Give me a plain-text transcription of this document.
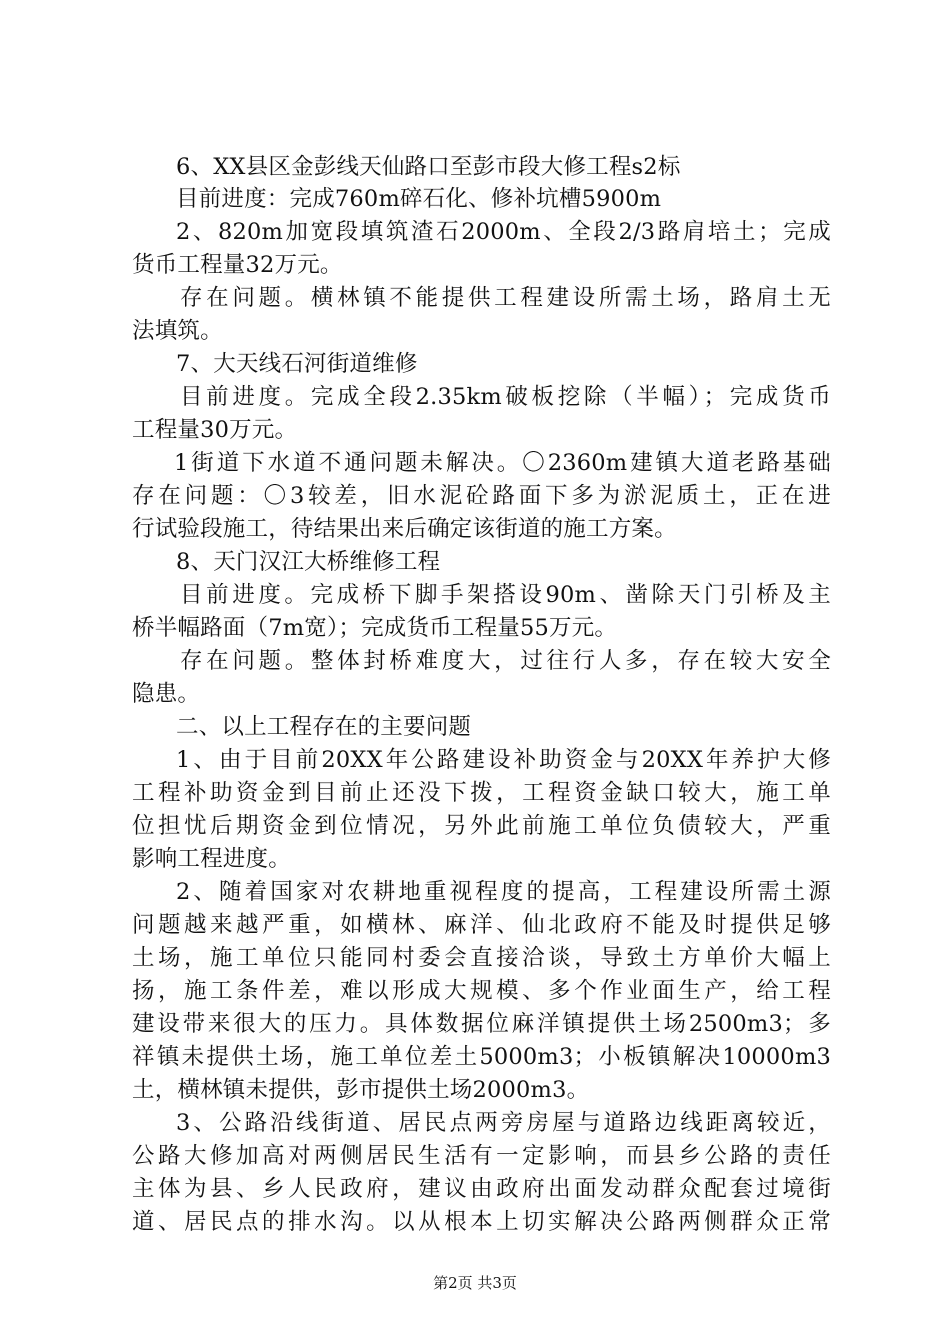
6、XX县区金彭线天仙路口至彭市段大修工程s2标
目前进度：完成760m碎石化、修补坑槽5900m
2、820m加宽段填筑渣石2000m、全段2/3路肩培土；完成
货币工程量32万元。
存在问题。横林镇不能提供工程建设所需土场，路肩土无
法填筑。
7、大天线石河街道维修
目前进度。完成全段2.35km破板挖除（半幅）；完成货币
工程量30万元。
1街道下水道不通问题未解决。〇2360m建镇大道老路基础
存在问题：〇3较差，旧水泥砼路面下多为淤泥质土，正在进
行试验段施工，待结果出来后确定该街道的施工方案。
8、天门汉江大桥维修工程
目前进度。完成桥下脚手架搭设90m、凿除天门引桥及主
桥半幅路面（7m宽）；完成货币工程量55万元。
存在问题。整体封桥难度大，过往行人多，存在较大安全
隐患。
二、以上工程存在的主要问题
1、由于目前20XX年公路建设补助资金与20XX年养护大修
工程补助资金到目前止还没下拨，工程资金缺口较大，施工单
位担忧后期资金到位情况，另外此前施工单位负债较大，严重
影响工程进度。
2、随着国家对农耕地重视程度的提高，工程建设所需土源
问题越来越严重，如横林、麻洋、仙北政府不能及时提供足够
土场，施工单位只能同村委会直接洽谈，导致土方单价大幅上
扬，施工条件差，难以形成大规模、多个作业面生产，给工程
建设带来很大的压力。具体数据位麻洋镇提供土场2500m3；多
祥镇未提供土场，施工单位差土5000m3；小板镇解决10000m3
土，横林镇未提供，彭市提供土场2000m3。
3、公路沿线街道、居民点两旁房屋与道路边线距离较近，
公路大修加高对两侧居民生活有一定影响，而县乡公路的责任
主体为县、乡人民政府，建议由政府出面发动群众配套过境街
道、居民点的排水沟。以从根本上切实解决公路两侧群众正常
第2页 共3页
